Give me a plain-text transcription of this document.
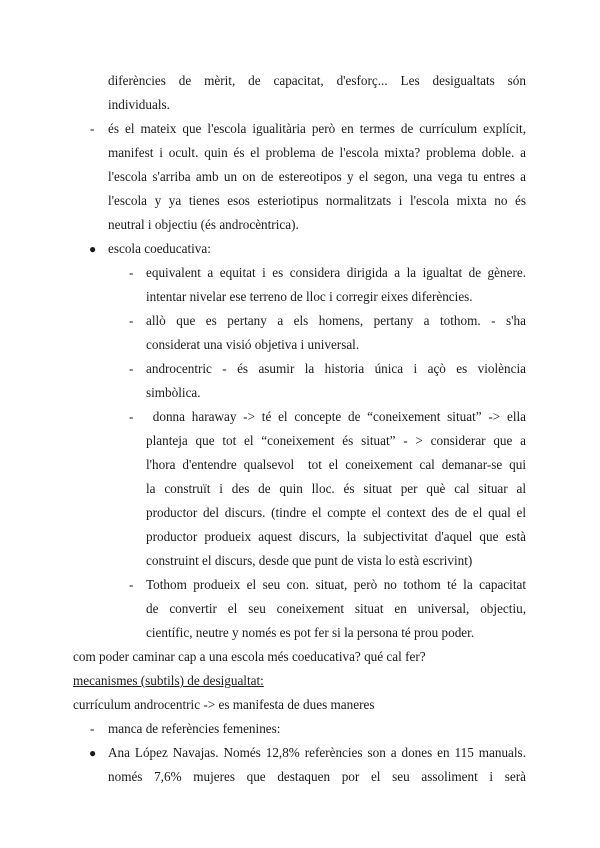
diferències de mèrit, de capacitat, d'esforç... Les desigualtats són
individuals.
- és el mateix que l'escola igualitària però en termes de currículum explícit,
manifest i ocult. quin és el problema de l'escola mixta? problema doble. a
l'escola s'arriba amb un on de estereotipos y el segon, una vega tu entres a
l'escola y ya tienes esos esteriotipus normalitzats i l'escola mixta no és
neutral i objectiu (és androcèntrica).
● escola coeducativa:
- equivalent a equitat i es considera dirigida a la igualtat de gènere.
intentar nivelar ese terreno de lloc i corregir eixes diferències.
- allò que es pertany a els homens, pertany a tothom. - s'ha
considerat una visió objetiva i universal.
- androcentric - és asumir la historia única i açò es violència
simbòlica.
- donna haraway -> té el concepte de “coneixement situat” -> ella
planteja que tot el “coneixement és situat” - > considerar que a
l'hora d'entendre qualsevol  tot el coneixement cal demanar-se qui
la construït i des de quin lloc. és situat per què cal situar al
productor del discurs. (tindre el compte el context des de el qual el
productor produeix aquest discurs, la subjectivitat d'aquel que està
construint el discurs, desde que punt de vista lo està escrivint)
- Tothom produeix el seu con. situat, però no tothom té la capacitat
de convertir el seu coneixement situat en universal, objectiu,
científic, neutre y només es pot fer si la persona té prou poder.
com poder caminar cap a una escola més coeducativa? qué cal fer?
mecanismes (subtils) de desigualtat:
currículum androcentric -> es manifesta de dues maneres
- manca de referències femenines:
● Ana López Navajas. Només 12,8% referències son a dones en 115 manuals.
només 7,6% mujeres que destaquen por el seu assoliment i serà
